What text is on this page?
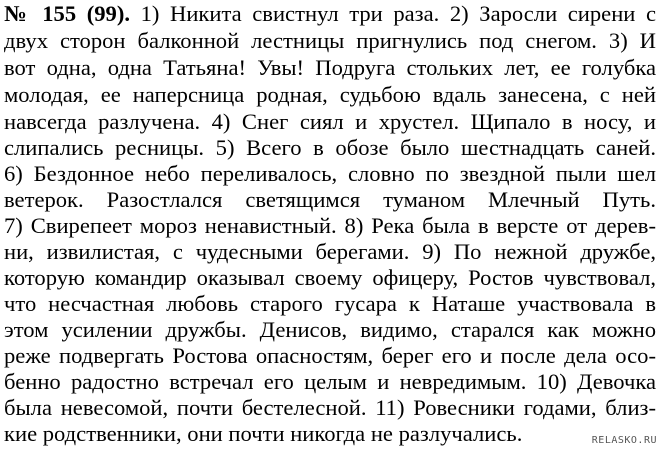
№ 155 (99). 1) Никита свистнул три раза. 2) Заросли сирени с
двух сторон балконной лестницы пригнулись под снегом. 3) И
вот одна, одна Татьяна! Увы! Подруга стольких лет, ее голубка
молодая, ее наперсница родная, судьбою вдаль занесена, с ней
навсегда разлучена. 4) Снег сиял и хрустел. Щипало в носу, и
слипались ресницы. 5) Всего в обозе было шестнадцать саней.
6) Бездонное небо переливалось, словно по звездной пыли шел
ветерок. Разостлался светящимся туманом Млечный Путь.
7) Свирепеет мороз ненавистный. 8) Река была в версте от дерев-
ни, извилистая, с чудесными берегами. 9) По нежной дружбе,
которую командир оказывал своему офицеру, Ростов чувствовал,
что несчастная любовь старого гусара к Наташе участвовала в
этом усилении дружбы. Денисов, видимо, старался как можно
реже подвергать Ростова опасностям, берег его и после дела осо-
бенно радостно встречал его целым и невредимым. 10) Девочка
была невесомой, почти бестелесной. 11) Ровесники годами, близ-
кие родственники, они почти никогда не разлучались.	RELASKO.RU
